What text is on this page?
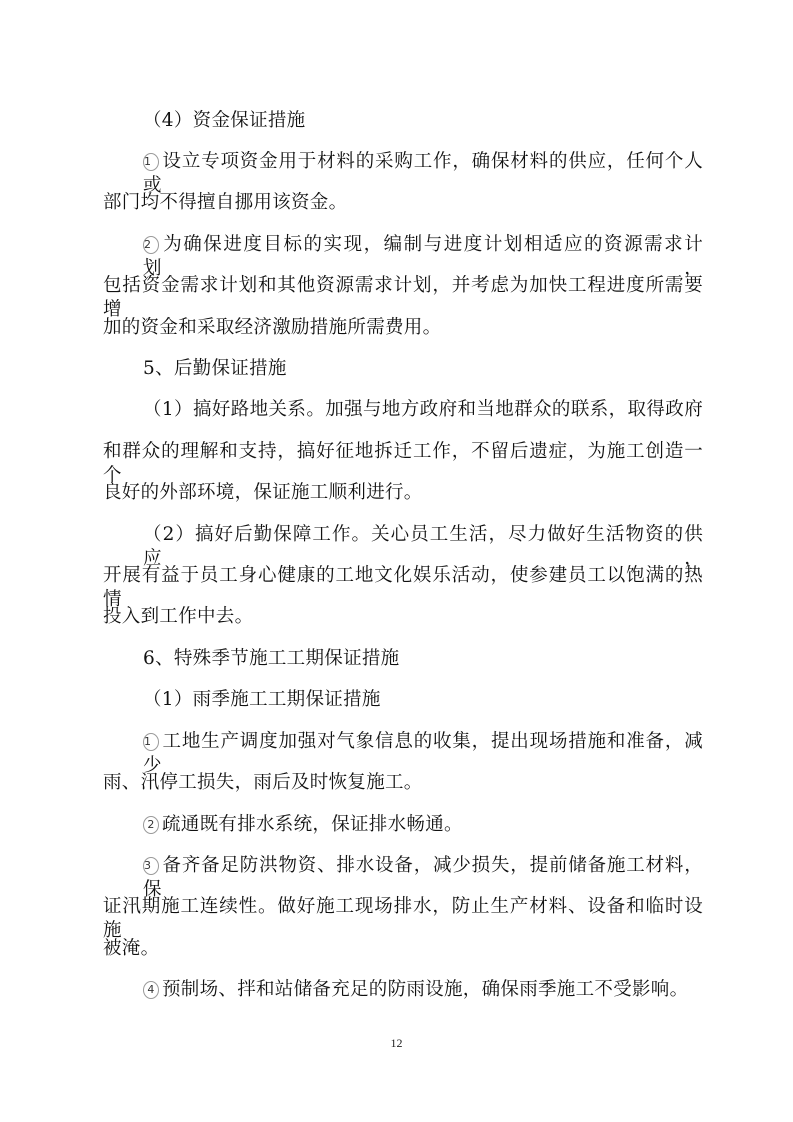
（4）资金保证措施
1 设立专项资金用于材料的采购工作，确保材料的供应，任何个人或
部门均不得擅自挪用该资金。
2 为确保进度目标的实现，编制与进度计划相适应的资源需求计划，
包括资金需求计划和其他资源需求计划，并考虑为加快工程进度所需要增
加的资金和采取经济激励措施所需费用。
5、后勤保证措施
（1）搞好路地关系。加强与地方政府和当地群众的联系，取得政府
和群众的理解和支持，搞好征地拆迁工作，不留后遗症，为施工创造一个
良好的外部环境，保证施工顺利进行。
（2）搞好后勤保障工作。关心员工生活，尽力做好生活物资的供应，
开展有益于员工身心健康的工地文化娱乐活动，使参建员工以饱满的热情
投入到工作中去。
6、特殊季节施工工期保证措施
（1）雨季施工工期保证措施
1 工地生产调度加强对气象信息的收集，提出现场措施和准备，减少
雨、汛停工损失，雨后及时恢复施工。
2 疏通既有排水系统，保证排水畅通。
3 备齐备足防洪物资、排水设备，减少损失，提前储备施工材料，保
证汛期施工连续性。做好施工现场排水，防止生产材料、设备和临时设施
被淹。
4 预制场、拌和站储备充足的防雨设施，确保雨季施工不受影响。
12
